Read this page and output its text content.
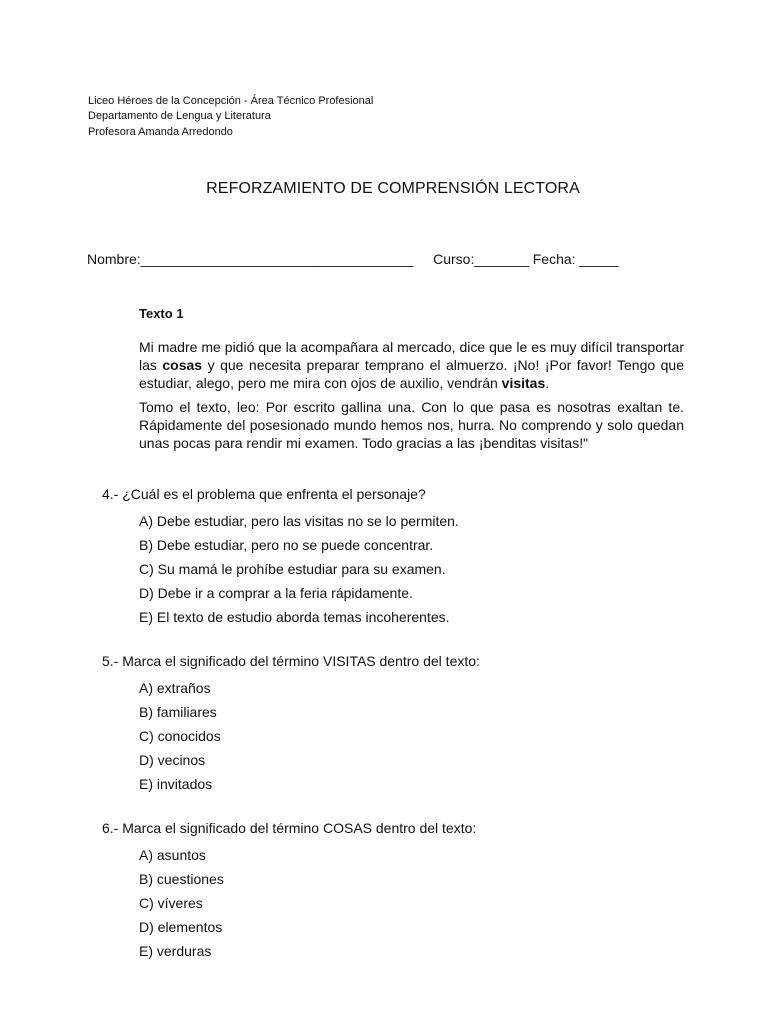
Liceo Héroes de la Concepción - Área Técnico Profesional
Departamento de Lengua y Literatura
Profesora Amanda Arredondo
REFORZAMIENTO DE COMPRENSIÓN LECTORA
Nombre:___________________________________ Curso:_______ Fecha: _____
Texto 1
Mi madre me pidió que la acompañara al mercado, dice que le es muy difícil transportar las cosas y que necesita preparar temprano el almuerzo. ¡No! ¡Por favor! Tengo que estudiar, alego, pero me mira con ojos de auxilio, vendrán visitas.
Tomo el texto, leo: Por escrito gallina una. Con lo que pasa es nosotras exaltan te. Rápidamente del posesionado mundo hemos nos, hurra. No comprendo y solo quedan unas pocas para rendir mi examen. Todo gracias a las ¡benditas visitas!"
4.- ¿Cuál es el problema que enfrenta el personaje?
A) Debe estudiar, pero las visitas no se lo permiten.
B) Debe estudiar, pero no se puede concentrar.
C) Su mamá le prohíbe estudiar para su examen.
D) Debe ir a comprar a la feria rápidamente.
E) El texto de estudio aborda temas incoherentes.
5.- Marca el significado del término VISITAS dentro del texto:
A) extraños
B) familiares
C) conocidos
D) vecinos
E) invitados
6.- Marca el significado del término COSAS dentro del texto:
A) asuntos
B) cuestiones
C) víveres
D) elementos
E) verduras
